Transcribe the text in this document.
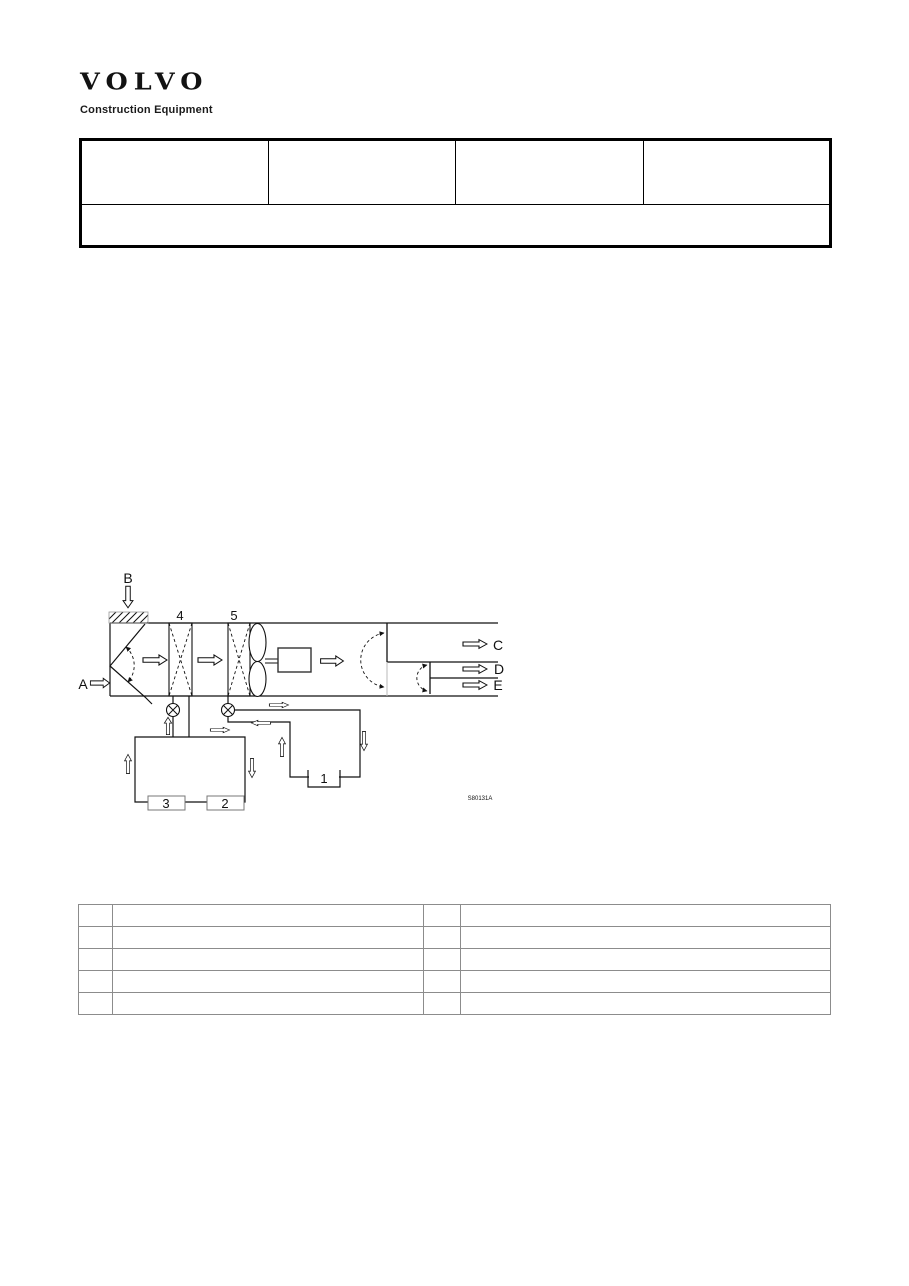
VOLVO
Construction Equipment

B
A
C
D
E
4	5
1
3	2	S80131A
